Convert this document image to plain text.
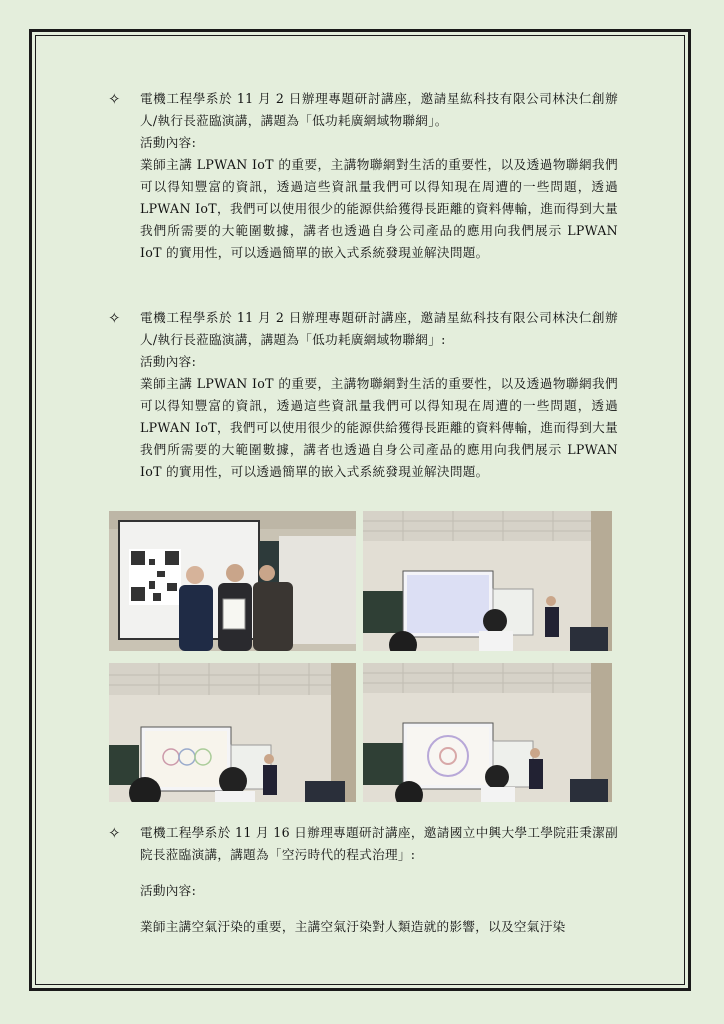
✧	電機工程學系於 11 月 2 日辦理專題研討講座，邀請星紘科技有限公司林決仁創辦人/執行長蒞臨演講，講題為「低功耗廣網域物聯網」。

活動內容:

業師主講 LPWAN IoT 的重要，主講物聯網對生活的重要性，以及透過物聯網我們可以得知豐富的資訊，透過這些資訊量我們可以得知現在周遭的一些問題，透過 LPWAN IoT，我們可以使用很少的能源供給獲得長距離的資料傳輸，進而得到大量我們所需要的大範圍數據，講者也透過自身公司產品的應用向我們展示 LPWAN IoT 的實用性，可以透過簡單的嵌入式系統發現並解決問題。

✧	電機工程學系於 11 月 2 日辦理專題研討講座，邀請星紘科技有限公司林決仁創辦人/執行長蒞臨演講，講題為「低功耗廣網域物聯網」:

活動內容:

業師主講 LPWAN IoT 的重要，主講物聯網對生活的重要性，以及透過物聯網我們可以得知豐富的資訊，透過這些資訊量我們可以得知現在周遭的一些問題，透過 LPWAN IoT，我們可以使用很少的能源供給獲得長距離的資料傳輸，進而得到大量我們所需要的大範圍數據，講者也透過自身公司產品的應用向我們展示 LPWAN IoT 的實用性，可以透過簡單的嵌入式系統發現並解決問題。

✧	電機工程學系於 11 月 16 日辦理專題研討講座，邀請國立中興大學工學院莊秉潔副院長蒞臨演講，講題為「空污時代的程式治理」:

活動內容:

業師主講空氣汙染的重要，主講空氣汙染對人類造就的影響，以及空氣汙染
